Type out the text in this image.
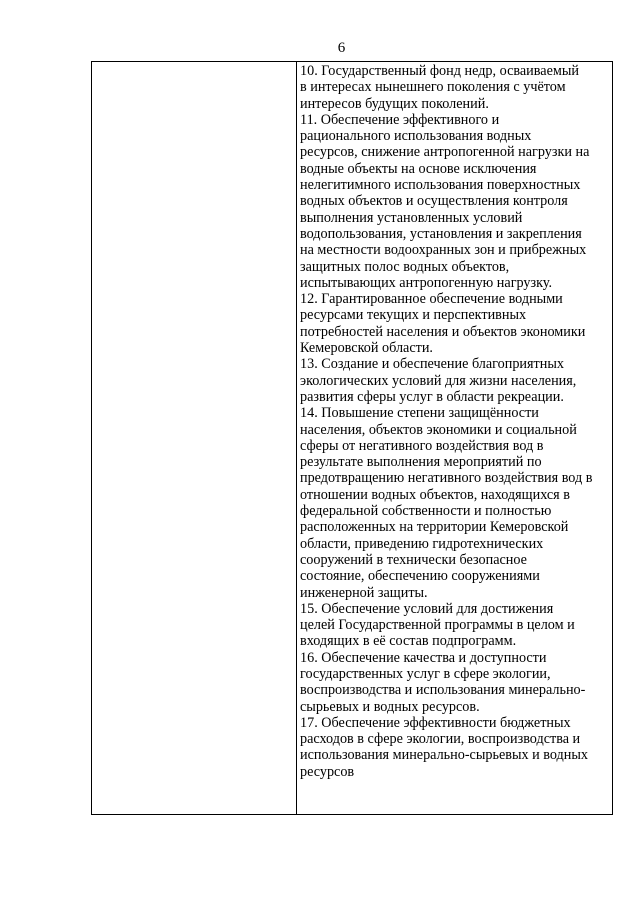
6

10. Государственный фонд недр, осваиваемый
в интересах нынешнего поколения с учётом
интересов будущих поколений.
11. Обеспечение эффективного и
рационального использования водных
ресурсов, снижение антропогенной нагрузки на
водные объекты на основе исключения
нелегитимного использования поверхностных
водных объектов и осуществления контроля
выполнения установленных условий
водопользования, установления и закрепления
на местности водоохранных зон и прибрежных
защитных полос водных объектов,
испытывающих антропогенную нагрузку.
12. Гарантированное обеспечение водными
ресурсами текущих и перспективных
потребностей населения и объектов экономики
Кемеровской области.
13. Создание и обеспечение благоприятных
экологических условий для жизни населения,
развития сферы услуг в области рекреации.
14. Повышение степени защищённости
населения, объектов экономики и социальной
сферы от негативного воздействия вод в
результате выполнения мероприятий по
предотвращению негативного воздействия вод в
отношении водных объектов, находящихся в
федеральной собственности и полностью
расположенных на территории Кемеровской
области, приведению гидротехнических
сооружений в технически безопасное
состояние, обеспечению сооружениями
инженерной защиты.
15. Обеспечение условий для достижения
целей Государственной программы в целом и
входящих в её состав подпрограмм.
16. Обеспечение качества и доступности
государственных услуг в сфере экологии,
воспроизводства и использования минерально-
сырьевых и водных ресурсов.
17. Обеспечение эффективности бюджетных
расходов в сфере экологии, воспроизводства и
использования минерально-сырьевых и водных
ресурсов
